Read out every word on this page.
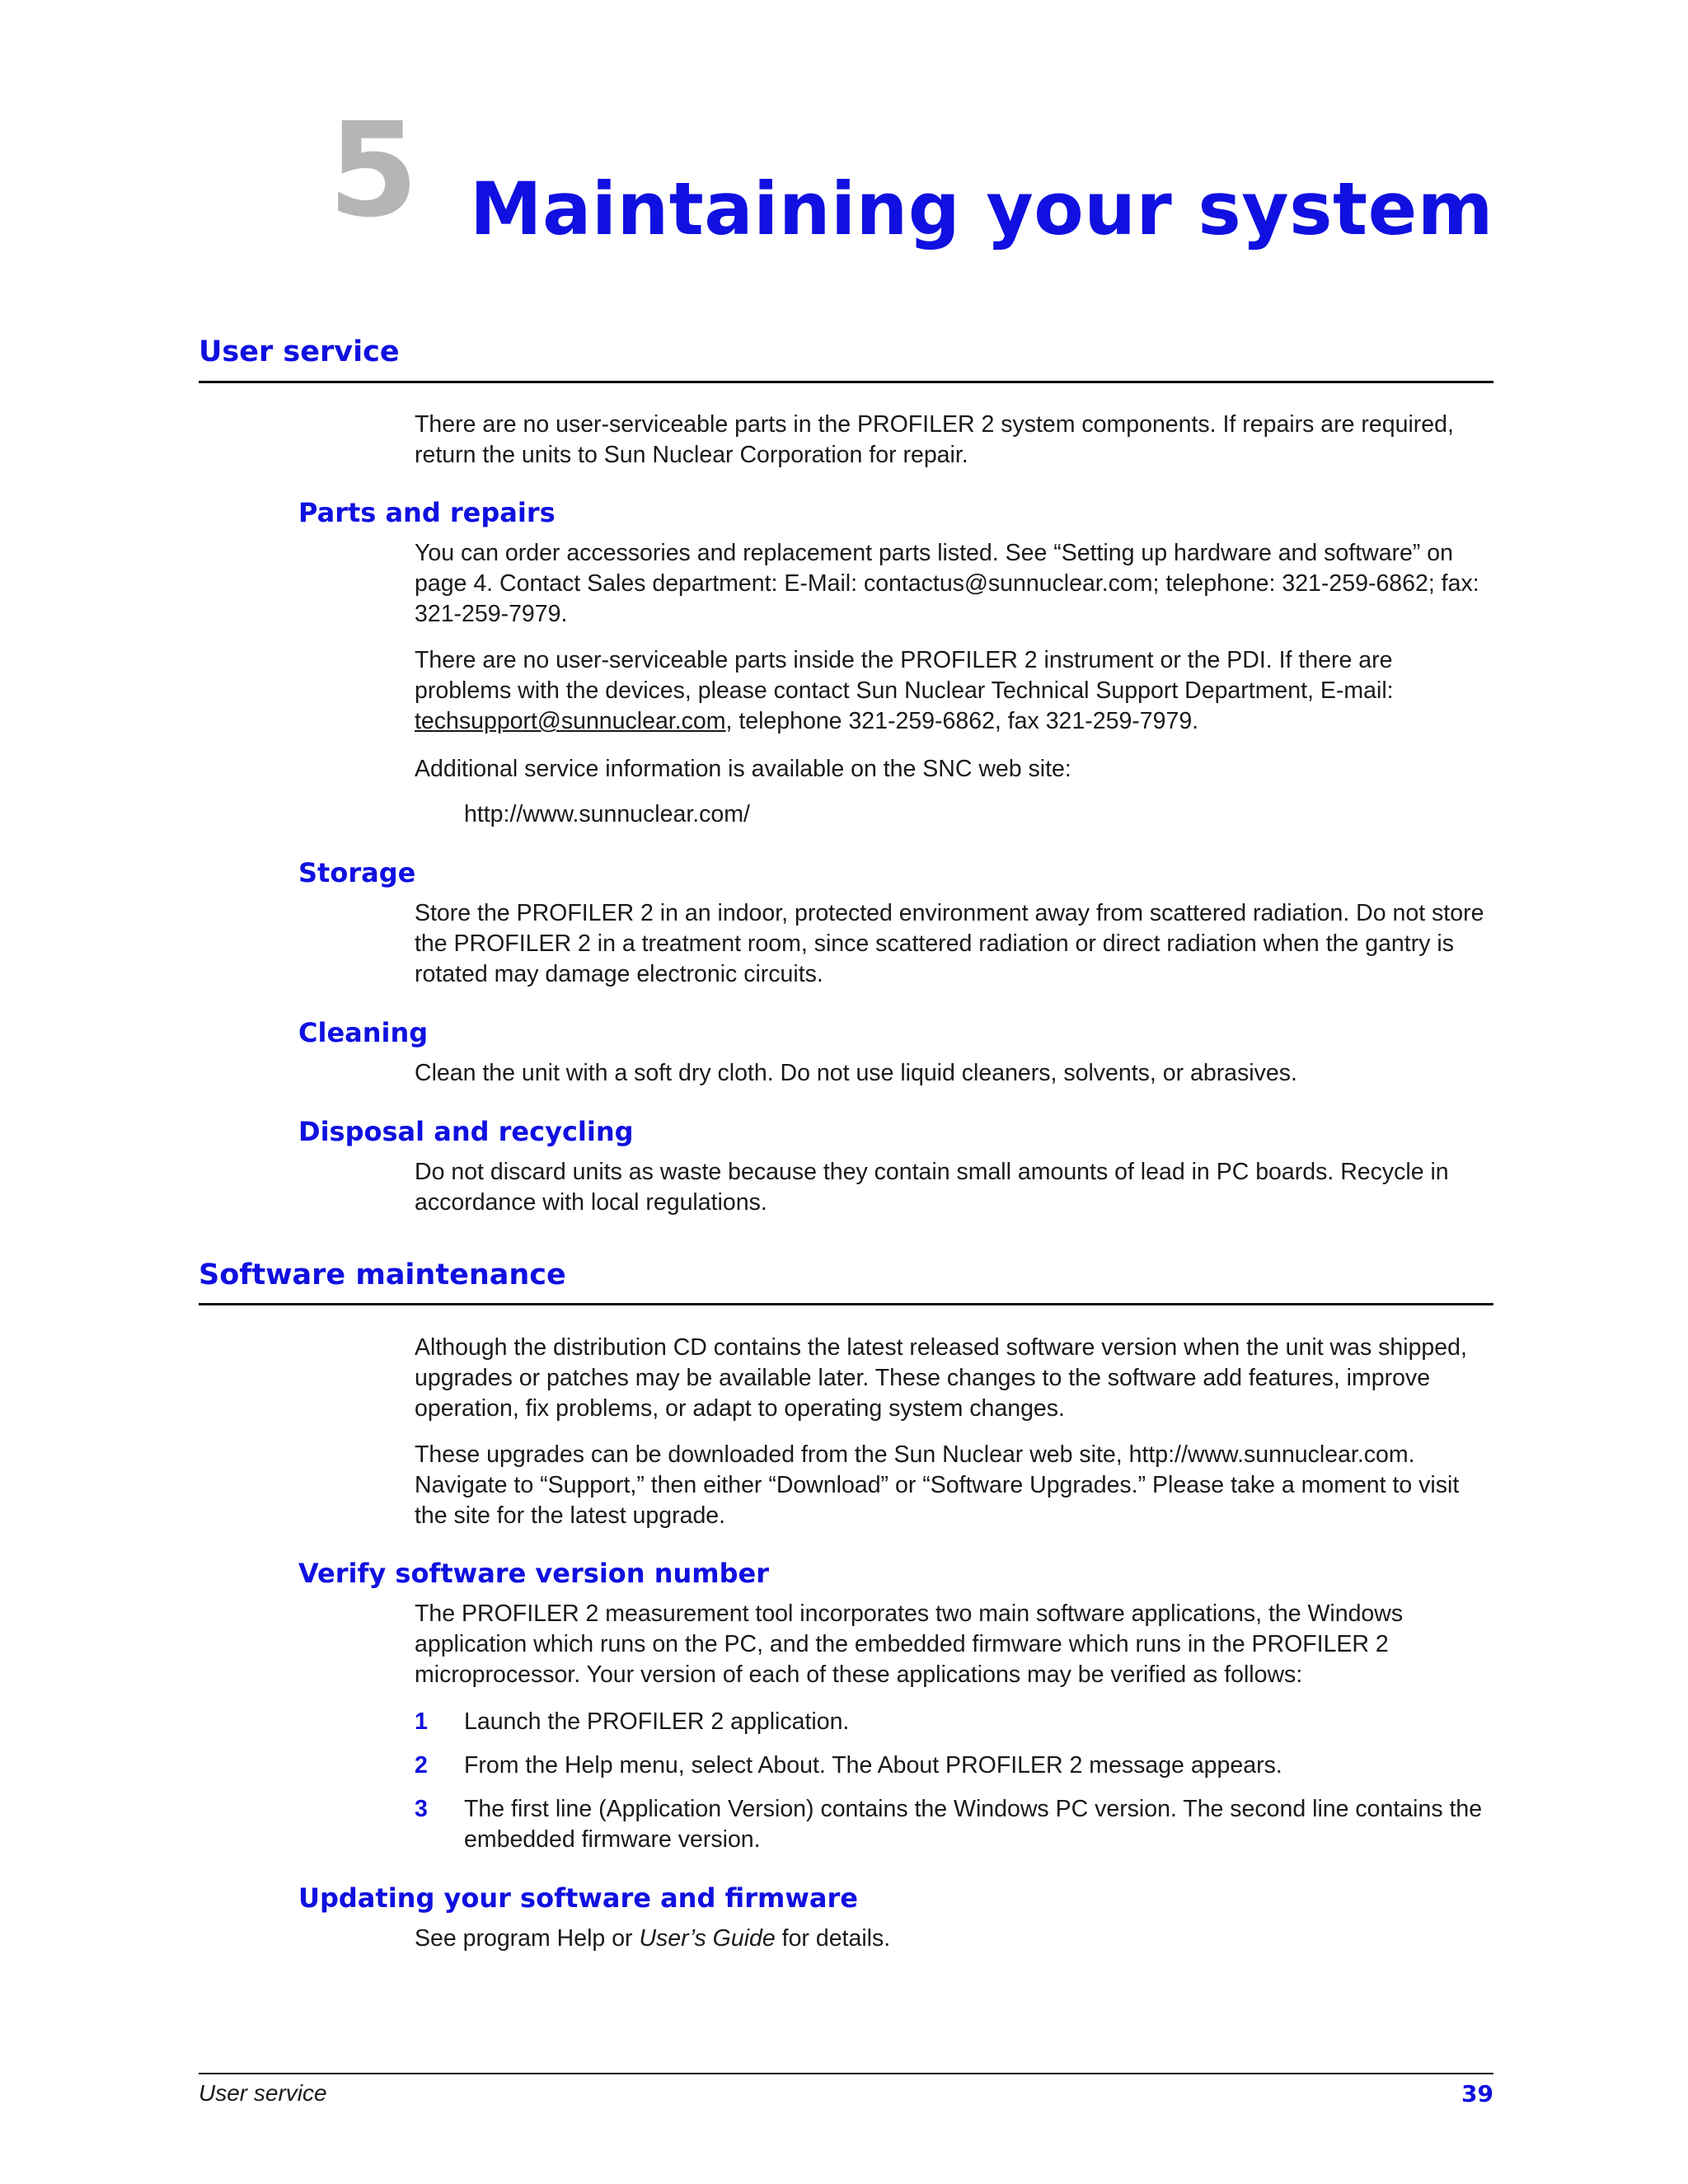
5 Maintaining your system
User service

There are no user-serviceable parts in the PROFILER 2 system components. If repairs are required, return the units to Sun Nuclear Corporation for repair.

Parts and repairs

You can order accessories and replacement parts listed. See “Setting up hardware and software” on page 4. Contact Sales department: E-Mail: contactus@sunnuclear.com; telephone: 321-259-6862; fax: 321-259-7979.

There are no user-serviceable parts inside the PROFILER 2 instrument or the PDI. If there are problems with the devices, please contact Sun Nuclear Technical Support Department, E-mail: techsupport@sunnuclear.com, telephone 321-259-6862, fax 321-259-7979.

Additional service information is available on the SNC web site:

http://www.sunnuclear.com/
Storage

Store the PROFILER 2 in an indoor, protected environment away from scattered radiation. Do not store the PROFILER 2 in a treatment room, since scattered radiation or direct radiation when the gantry is rotated may damage electronic circuits.

Cleaning

Clean the unit with a soft dry cloth. Do not use liquid cleaners, solvents, or abrasives.

Disposal and recycling

Do not discard units as waste because they contain small amounts of lead in PC boards. Recycle in accordance with local regulations.

Software maintenance

Although the distribution CD contains the latest released software version when the unit was shipped, upgrades or patches may be available later. These changes to the software add features, improve operation, fix problems, or adapt to operating system changes.

These upgrades can be downloaded from the Sun Nuclear web site, http://www.sunnuclear.com. Navigate to “Support,” then either “Download” or “Software Upgrades.” Please take a moment to visit the site for the latest upgrade.

Verify software version number

The PROFILER 2 measurement tool incorporates two main software applications, the Windows application which runs on the PC, and the embedded firmware which runs in the PROFILER 2 microprocessor. Your version of each of these applications may be verified as follows:

1	Launch the PROFILER 2 application.
2	From the Help menu, select About. The About PROFILER 2 message appears.
3	The first line (Application Version) contains the Windows PC version. The second line contains the embedded firmware version.
Updating your software and firmware

See program Help or User’s Guide for details.

User service	39
